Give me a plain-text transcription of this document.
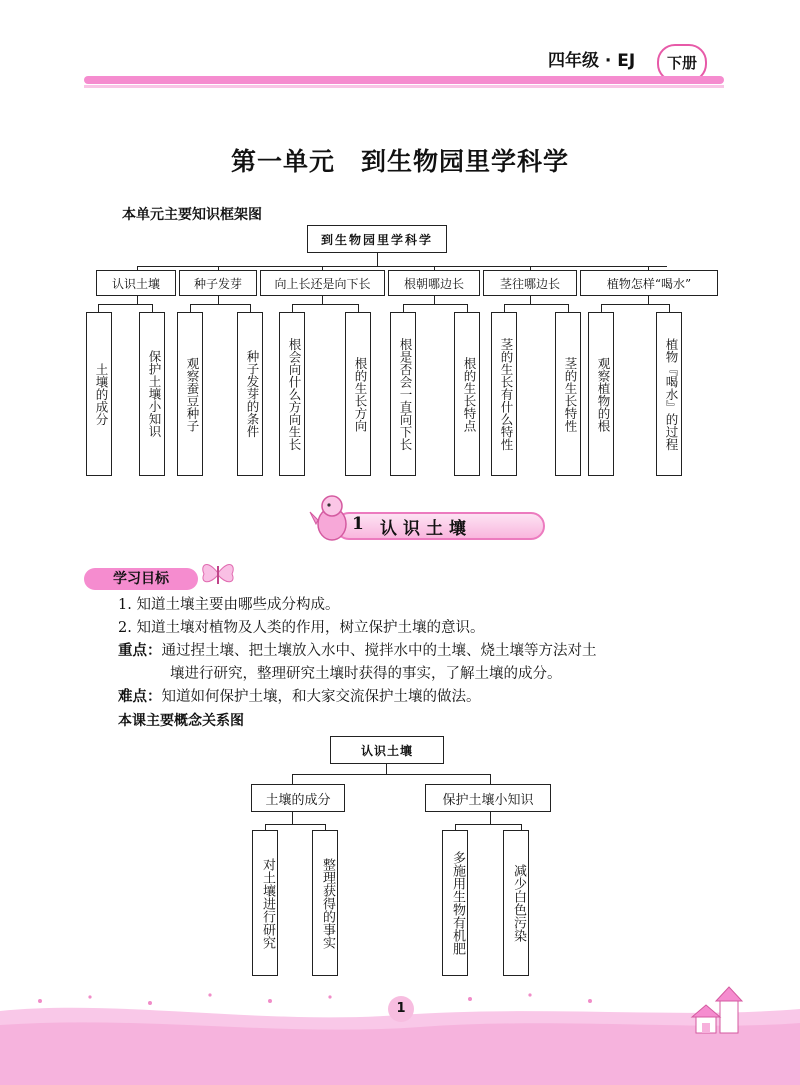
四年级 · EJ	下册
第一单元　到生物园里学科学
本单元主要知识框架图
到生物园里学科学
认识土壤	种子发芽	向上长还是向下长	根朝哪边长	茎往哪边长	植物怎样“喝水”
土壤的成分	保护土壤小知识	观察蚕豆种子	种子发芽的条件	根会向什么方向生长	根的生长方向	根是否会一直向下长	根的生长特点	茎的生长有什么特性	茎的生长特性	观察植物的根	植物『喝水』的过程
1 认识土壤
学习目标
1. 知道土壤主要由哪些成分构成。
2. 知道土壤对植物及人类的作用，树立保护土壤的意识。
重点：通过捏土壤、把土壤放入水中、搅拌水中的土壤、烧土壤等方法对土
壤进行研究，整理研究土壤时获得的事实，了解土壤的成分。
难点：知道如何保护土壤，和大家交流保护土壤的做法。
本课主要概念关系图
认识土壤
土壤的成分	保护土壤小知识
对土壤进行研究	整理获得的事实	多施用生物有机肥	减少白色污染
1
